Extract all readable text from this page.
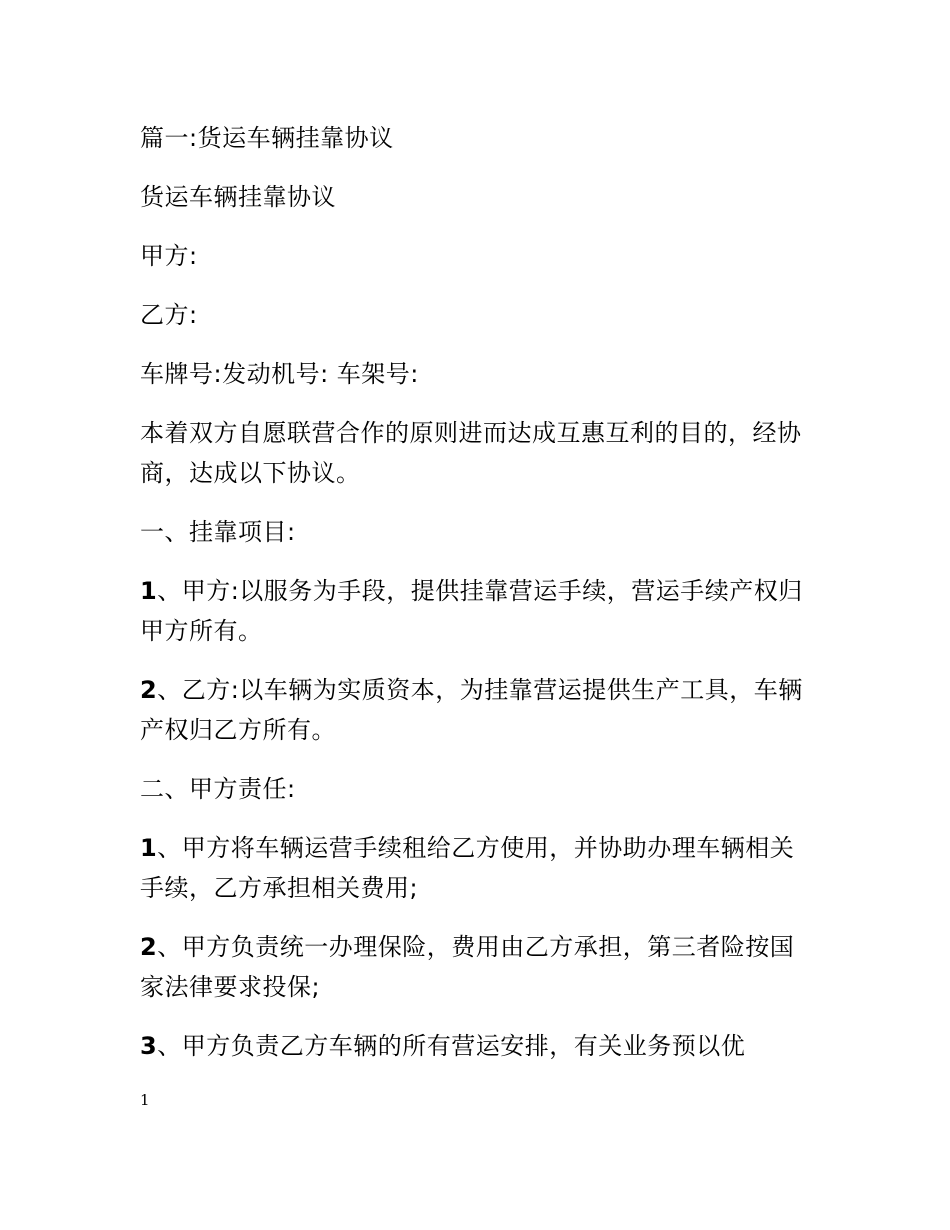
篇一:货运车辆挂靠协议

货运车辆挂靠协议

甲方:

乙方:

车牌号:发动机号: 车架号:

本着双方自愿联营合作的原则进而达成互惠互利的目的，经协商，达成以下协议。

一、挂靠项目:

1、甲方:以服务为手段，提供挂靠营运手续，营运手续产权归甲方所有。

2、乙方:以车辆为实质资本，为挂靠营运提供生产工具，车辆产权归乙方所有。

二、甲方责任:

1、甲方将车辆运营手续租给乙方使用，并协助办理车辆相关手续，乙方承担相关费用;

2、甲方负责统一办理保险，费用由乙方承担，第三者险按国家法律要求投保;

3、甲方负责乙方车辆的所有营运安排，有关业务预以优

1
